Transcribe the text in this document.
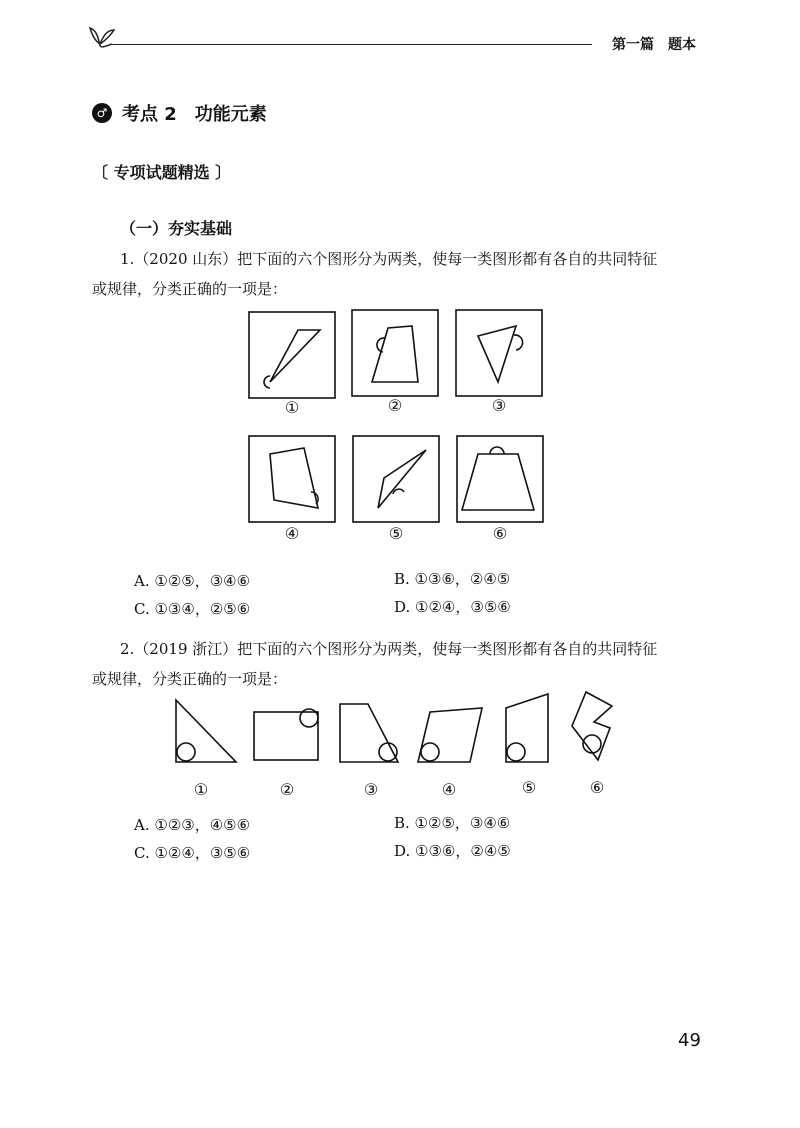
第一篇　题本
♂ 考点 2　功能元素
〔 专项试题精选 〕
（一）夯实基础
1.（2020 山东）把下面的六个图形分为两类，使每一类图形都有各自的共同特征
或规律，分类正确的一项是：
①	②	③
④	⑤	⑥
A. ①②⑤，③④⑥	B. ①③⑥，②④⑤
C. ①③④，②⑤⑥	D. ①②④，③⑤⑥
2.（2019 浙江）把下面的六个图形分为两类，使每一类图形都有各自的共同特征
或规律，分类正确的一项是：
①	②	③	④	⑤	⑥
A. ①②③，④⑤⑥	B. ①②⑤，③④⑥
C. ①②④，③⑤⑥	D. ①③⑥，②④⑤
49
